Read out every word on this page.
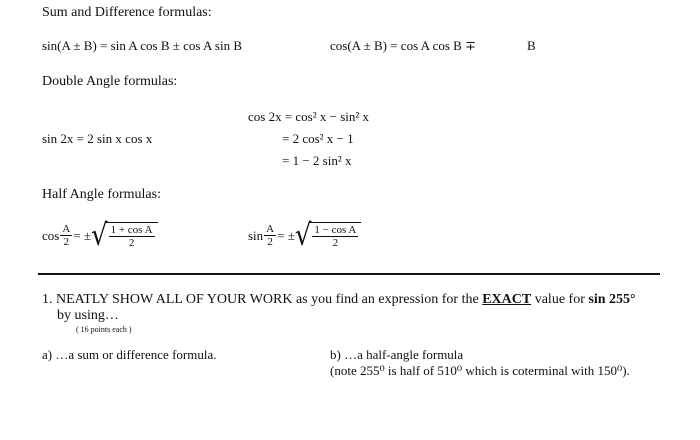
Sum and Difference formulas:
sin(A ± B) = sin A cos B ± cos A sin B	cos(A ± B) = cos A cos B ∓	B
Double Angle formulas:
sin 2x = 2 sin x cos x
cos 2x = cos² x − sin² x
= 2 cos² x − 1
= 1 − 2 sin² x
Half Angle formulas:
$\cos \frac{A}{2}$ = ± √
$\frac{\text{1 + cos A}}{2}$	$\sin \frac{A}{2}$ = ± √
$\frac{\text{1 − cos A}}{2}$
1. NEATLY SHOW ALL OF YOUR WORK as you find an expression for the EXACT value for sin 255°
by using…
( 16 points each )
a) …a sum or difference formula.	b) …a half-angle formula
(note 255⁰ is half of 510⁰ which is coterminal with 150⁰).
